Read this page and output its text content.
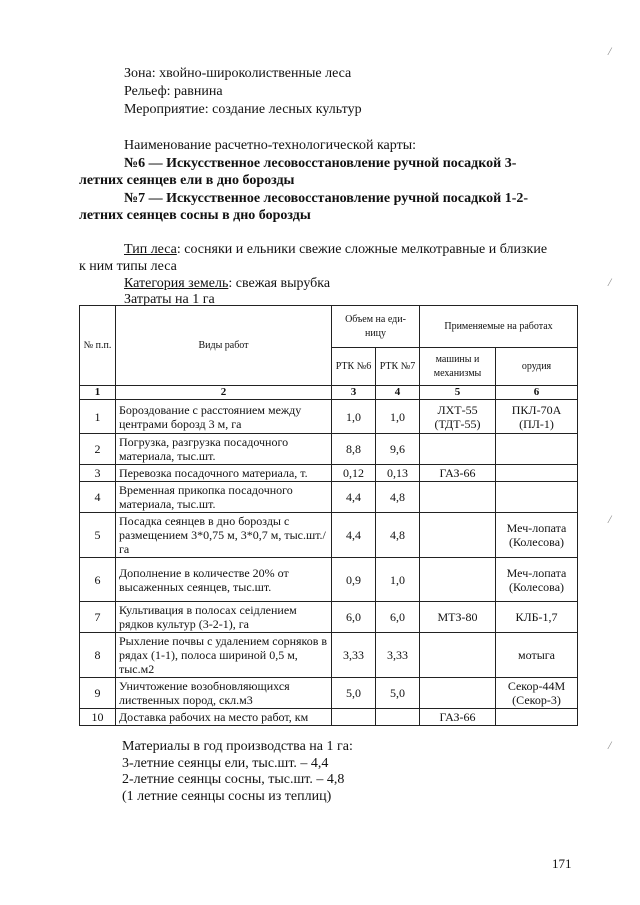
/
/
/
/
Зона: хвойно-широколиственные леса
Рельеф: равнина
Мероприятие: создание лесных культур
Наименование расчетно-технологической карты:
№6 — Искусственное лесовосстановление ручной посадкой 3-
летних сеянцев ели в дно борозды
№7 — Искусственное лесовосстановление ручной посадкой 1-2-
летних сеянцев сосны в дно борозды
Тип леса: сосняки и ельники свежие сложные мелкотравные и близкие
к ним типы леса
Категория земель: свежая вырубка
Затраты на 1 га
№ п.п.	Виды работ	Объем на еди-ницу		Применяемые на работах	
		РТК №6	РТК №7	машины и механизмы	орудия
1	2	3	4	5	6
1	Бороздование с расстоянием между центрами борозд 3 м, га	1,0	1,0	ЛХТ-55 (ТДТ-55)	ПКЛ-70А (ПЛ-1)
2	Погрузка, разгрузка посадочного материала, тыс.шт.	8,8	9,6		
3	Перевозка посадочного материала, т.	0,12	0,13	ГАЗ-66	
4	Временная прикопка посадочного материала, тыс.шт.	4,4	4,8		
5	Посадка сеянцев в дно борозды с размещением 3*0,75 м, 3*0,7 м, тыс.шт./га	4,4	4,8		Меч-лопата (Колесова)
6	Дополнение в количестве 20% от высаженных сеянцев, тыс.шт.	0,9	1,0		Меч-лопата (Колесова)
7	Культивация в полосах сеідлением рядков культур (3-2-1), га	6,0	6,0	МТЗ-80	КЛБ-1,7
8	Рыхление почвы с удалением сорняков в рядах (1-1), полоса шириной 0,5 м, тыс.м2	3,33	3,33		мотыга
9	Уничтожение возобновляющихся лиственных пород, скл.м3	5,0	5,0		Секор-44М (Секор-3)
10	Доставка рабочих на место работ, км			ГАЗ-66	
Материалы в год производства на 1 га:
3-летние сеянцы ели, тыс.шт. – 4,4
2-летние сеянцы сосны, тыс.шт. – 4,8
(1 летние сеянцы сосны из теплиц)
171
